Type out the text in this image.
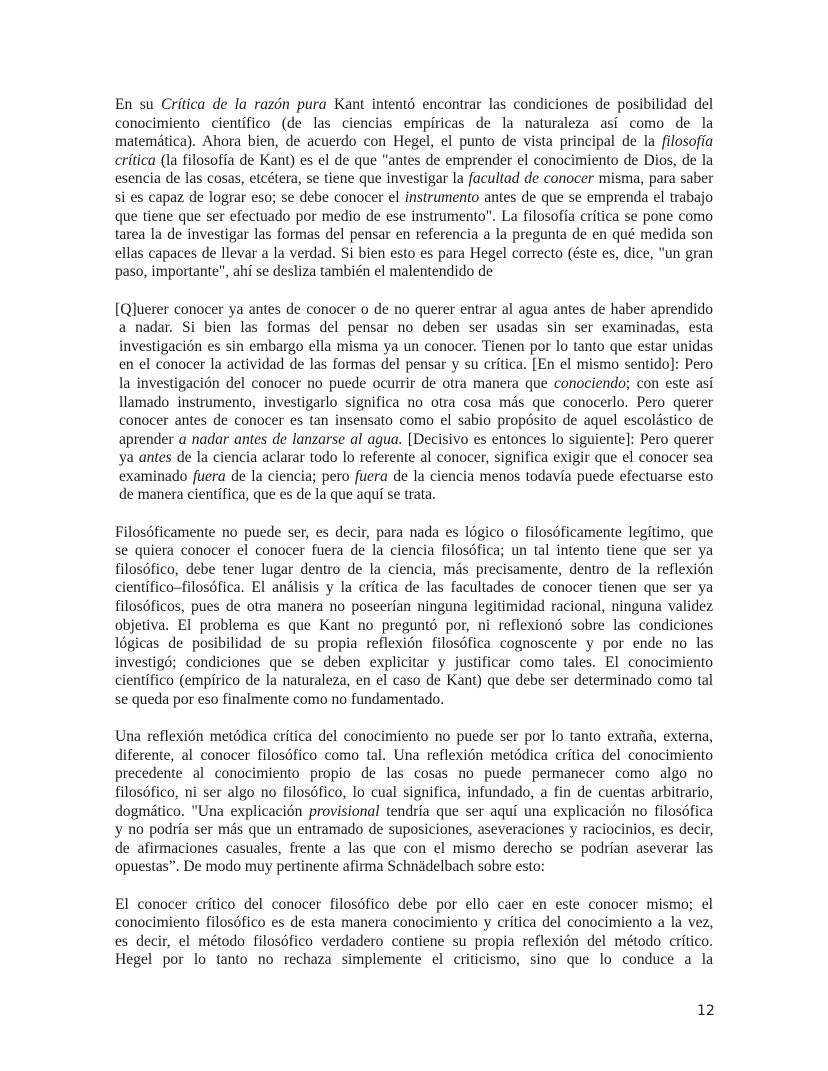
En su Crítica de la razón pura Kant intentó encontrar las condiciones de posibilidad del
conocimiento científico (de las ciencias empíricas de la naturaleza así como de la
matemática). Ahora bien, de acuerdo con Hegel, el punto de vista principal de la filosofía
crítica (la filosofía de Kant) es el de que "antes de emprender el conocimiento de Dios, de la
esencia de las cosas, etcétera, se tiene que investigar la facultad de conocer misma, para saber
si es capaz de lograr eso; se debe conocer el instrumento antes de que se emprenda el trabajo
que tiene que ser efectuado por medio de ese instrumento". La filosofía crítica se pone como
tarea la de investigar las formas del pensar en referencia a la pregunta de en qué medida son
ellas capaces de llevar a la verdad. Si bien esto es para Hegel correcto (éste es, dice, "un gran
paso, importante", ahí se desliza también el malentendido de
[Q]uerer conocer ya antes de conocer o de no querer entrar al agua antes de haber aprendido
a nadar. Si bien las formas del pensar no deben ser usadas sin ser examinadas, esta
investigación es sin embargo ella misma ya un conocer. Tienen por lo tanto que estar unidas
en el conocer la actividad de las formas del pensar y su crítica. [En el mismo sentido]: Pero
la investigación del conocer no puede ocurrir de otra manera que conociendo; con este así
llamado instrumento, investigarlo significa no otra cosa más que conocerlo. Pero querer
conocer antes de conocer es tan insensato como el sabio propósito de aquel escolástico de
aprender a nadar antes de lanzarse al agua. [Decisivo es entonces lo siguiente]: Pero querer
ya antes de la ciencia aclarar todo lo referente al conocer, significa exigir que el conocer sea
examinado fuera de la ciencia; pero fuera de la ciencia menos todavía puede efectuarse esto
de manera científica, que es de la que aquí se trata.
Filosóficamente no puede ser, es decir, para nada es lógico o filosóficamente legítimo, que
se quiera conocer el conocer fuera de la ciencia filosófica; un tal intento tiene que ser ya
filosófico, debe tener lugar dentro de la ciencia, más precisamente, dentro de la reflexión
científico–filosófica. El análisis y la crítica de las facultades de conocer tienen que ser ya
filosóficos, pues de otra manera no poseerían ninguna legitimidad racional, ninguna validez
objetiva. El problema es que Kant no preguntó por, ni reflexionó sobre las condiciones
lógicas de posibilidad de su propia reflexión filosófica cognoscente y por ende no las
investigó; condiciones que se deben explicitar y justificar como tales. El conocimiento
científico (empírico de la naturaleza, en el caso de Kant) que debe ser determinado como tal
se queda por eso finalmente como no fundamentado.
Una reflexión metódica crítica del conocimiento no puede ser por lo tanto extraña, externa,
diferente, al conocer filosófico como tal. Una reflexión metódica crítica del conocimiento
precedente al conocimiento propio de las cosas no puede permanecer como algo no
filosófico, ni ser algo no filosófico, lo cual significa, infundado, a fin de cuentas arbitrario,
dogmático. "Una explicación provisional tendría que ser aquí una explicación no filosófica
y no podría ser más que un entramado de suposiciones, aseveraciones y raciocinios, es decir,
de afirmaciones casuales, frente a las que con el mismo derecho se podrían aseverar las
opuestas”. De modo muy pertinente afirma Schnädelbach sobre esto:
El conocer crítico del conocer filosófico debe por ello caer en este conocer mismo; el
conocimiento filosófico es de esta manera conocimiento y crítica del conocimiento a la vez,
es decir, el método filosófico verdadero contiene su propia reflexión del método crítico.
Hegel por lo tanto no rechaza simplemente el criticismo, sino que lo conduce a la
12
